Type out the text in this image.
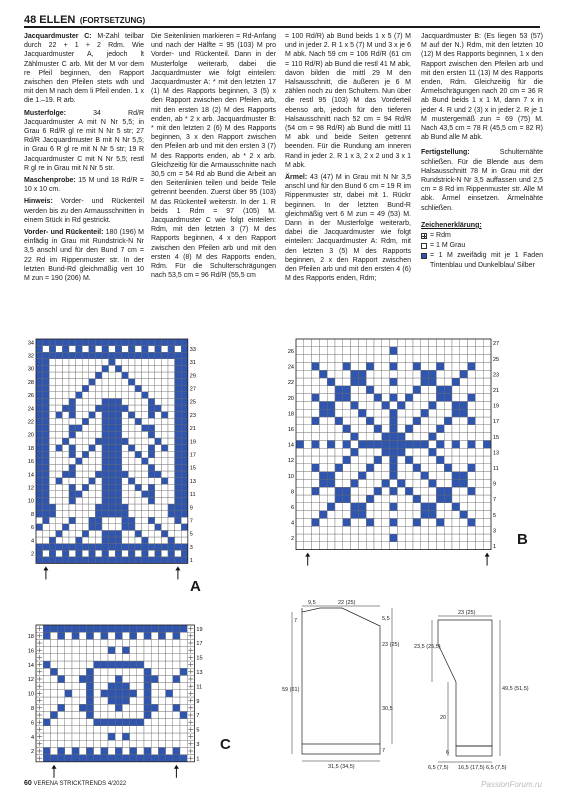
48 ELLEN (FORTSETZUNG)

Jacquardmuster C: M-Zahl teilbar durch 22 + 1 + 2 Rdm. Wie Jacquardmuster A, jedoch lt Zählmuster C arb. Mit der M vor dem re Pfeil beginnen, den Rapport zwischen den Pfeilen stets wdh und mit den M nach dem li Pfeil enden. 1 x die 1.–19. R arb.

Musterfolge: 34 Rd/R Jacquardmuster A mit N Nr 5,5; in Grau 6 Rd/R gl re mit N Nr 5 str; 27 Rd/R Jacquardmuster B mit N Nr 5,5; in Grau 6 R gl re mit N Nr 5 str; 19 R Jacquardmuster C mit N Nr 5,5; restl R gl re in Grau mit N Nr 5 str.

Maschenprobe: 15 M und 18 Rd/R = 10 x 10 cm.

Hinweis: Vorder- und Rückenteil werden bis zu den Armausschnitten in einem Stück in Rd gestrickt.

Vorder- und Rückenteil: 180 (196) M einfädig in Grau mit Rundstrick-N Nr 3,5 anschl und für den Bund 7 cm = 22 Rd im Rippenmuster str. In der letzten Bund-Rd gleichmäßig vert 10 M zun = 190 (206) M.

Die Seitenlinien markieren = Rd-Anfang und nach der Hälfte = 95 (103) M pro Vorder- und Rückenteil. Dann in der Musterfolge weiterarb, dabei die Jacquardmuster wie folgt einteilen: Jacquardmuster A: * mit den letzten 17 (1) M des Rapports beginnen, 3 (5) x den Rapport zwischen den Pfeilen arb, mit den ersten 18 (2) M des Rapports enden, ab * 2 x arb. Jacquardmuster B: * mit den letzten 2 (6) M des Rapports beginnen, 3 x den Rapport zwischen den Pfeilen arb und mit den ersten 3 (7) M des Rapports enden, ab * 2 x arb. Gleichzeitig für die Armausschnitte nach 30,5 cm = 54 Rd ab Bund die Arbeit an den Seitenlinien teilen und beide Teile getrennt beenden. Zuerst über 95 (103) M das Rückenteil weiterstr. In der 1. R beids 1 Rdm = 97 (105) M. Jacquardmuster C wie folgt einteilen: Rdm, mit den letzten 3 (7) M des Rapports beginnen, 4 x den Rapport zwischen den Pfeilen arb und mit den ersten 4 (8) M des Rapports enden, Rdm. Für die Schulterschrägungen nach 53,5 cm = 96 Rd/R (55,5 cm

= 100 Rd/R) ab Bund beids 1 x 5 (7) M und in jeder 2. R 1 x 5 (7) M und 3 x je 6 M abk. Nach 59 cm = 106 Rd/R (61 cm = 110 Rd/R) ab Bund die restl 41 M abk, davon bilden die mittl 29 M den Halsausschnitt, die äußeren je 6 M zählen noch zu den Schultern. Nun über die restl 95 (103) M das Vorderteil ebenso arb, jedoch für den tieferen Halsausschnitt nach 52 cm = 94 Rd/R (54 cm = 98 Rd/R) ab Bund die mittl 11 M abk und beide Seiten getrennt beenden. Für die Rundung am inneren Rand in jeder 2. R 1 x 3, 2 x 2 und 3 x 1 M abk.

Ärmel: 43 (47) M in Grau mit N Nr 3,5 anschl und für den Bund 6 cm = 19 R im Rippenmuster str, dabei mit 1. Rückr beginnen. In der letzten Bund-R gleichmäßig vert 6 M zun = 49 (53) M. Dann in der Musterfolge weiterarb, dabei die Jacquardmuster wie folgt einteilen: Jacquardmuster A: Rdm, mit den letzten 3 (5) M des Rapports beginnen, 2 x den Rapport zwischen den Pfeilen arb und mit den ersten 4 (6) M des Rapports enden, Rdm;

Jacquardmuster B: (Es liegen 53 (57) M auf der N.) Rdm, mit den letzten 10 (12) M des Rapports beginnen, 1 x den Rapport zwischen den Pfeilen arb und mit den ersten 11 (13) M des Rapports enden, Rdm. Gleichzeitig für die Ärmelschrägungen nach 20 cm = 36 R ab Bund beids 1 x 1 M, dann 7 x in jeder 4. R und 2 (3) x in jeder 2. R je 1 M mustergemäß zun = 69 (75) M. Nach 43,5 cm = 78 R (45,5 cm = 82 R) ab Bund alle M abk.

Fertigstellung: Schulternähte schließen. Für die Blende aus dem Halsausschnitt 78 M in Grau mit der Rundstrick-N Nr 3,5 auffassen und 2,5 cm = 8 Rd im Rippenmuster str. Alle M abk. Ärmel einsetzen. Ärmelnähte schließen.

Zeichenerklärung:
= Rdm
= 1 M Grau
= 1 M zweifädig mit je 1 Faden Tintenblau und Dunkelblau/ Silber
2
4
6
8
10
12
14
16
18
20
22
24
26
28
30
32
34
1
3
5
7
9
11
13
15
17
19
21
23
25
27
29
31
33
A
2
4
6
8
10
12
14
16
18
20
22
24
26
1
3
5
7
9
11
13
15
17
19
21
23
25
27
B
2
4
6
8
10
12
14
16
18
1
3
5
7
9
11
13
15
17
19
C
9,5	22 (25)
7	5,5
23 (25)
59 (61)
30,5
7
31,5 (34,5)
23 (25)
23,5 (25,5)
20
49,5 (51,5)
6
6,5 (7,5) 16,5 (17,5) 6,5 (7,5)
60 VERENA STRICKTRENDS 4/2022	PassionForum.ru
